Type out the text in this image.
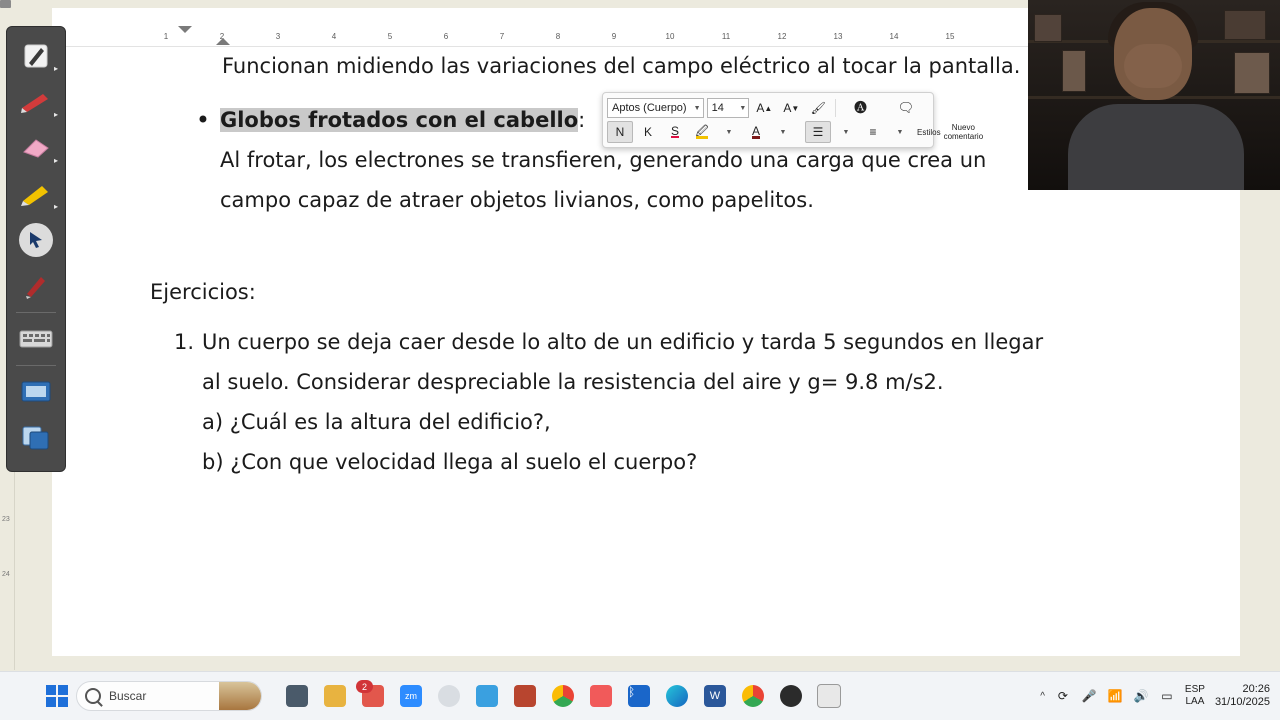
1	2	3	4	5	6	7	8	9	10	11	12	13	14	15
23
24

Funcionan midiendo las variaciones del campo eléctrico al tocar la pantalla.

• Globos frotados con el cabello:
Al frotar, los electrones se transfieren, generando una carga que crea un campo capaz de atraer objetos livianos, como papelitos.

Ejercicios:

1. Un cuerpo se deja caer desde lo alto de un edificio y tarda 5 segundos en llegar al suelo. Considerar despreciable la resistencia del aire y g= 9.8 m/s2.
a) ¿Cuál es la altura del edificio?,
b) ¿Con que velocidad llega al suelo el cuerpo?
Aptos (Cuerpo) ▼ 14 ▼ A ▲ A ▼ 🖌	🅐 🗨
N	K	S 🖉 ▼ A	▼	☰	▼	≡	▼ Estilos Nuevo
comentario
▸
▸
▸
▸
Buscar
2
zm	ᛒ	W	^ ⟳ 🎤 📶 🔊 ▭ ESP
LAA
20:26
31/10/2025
